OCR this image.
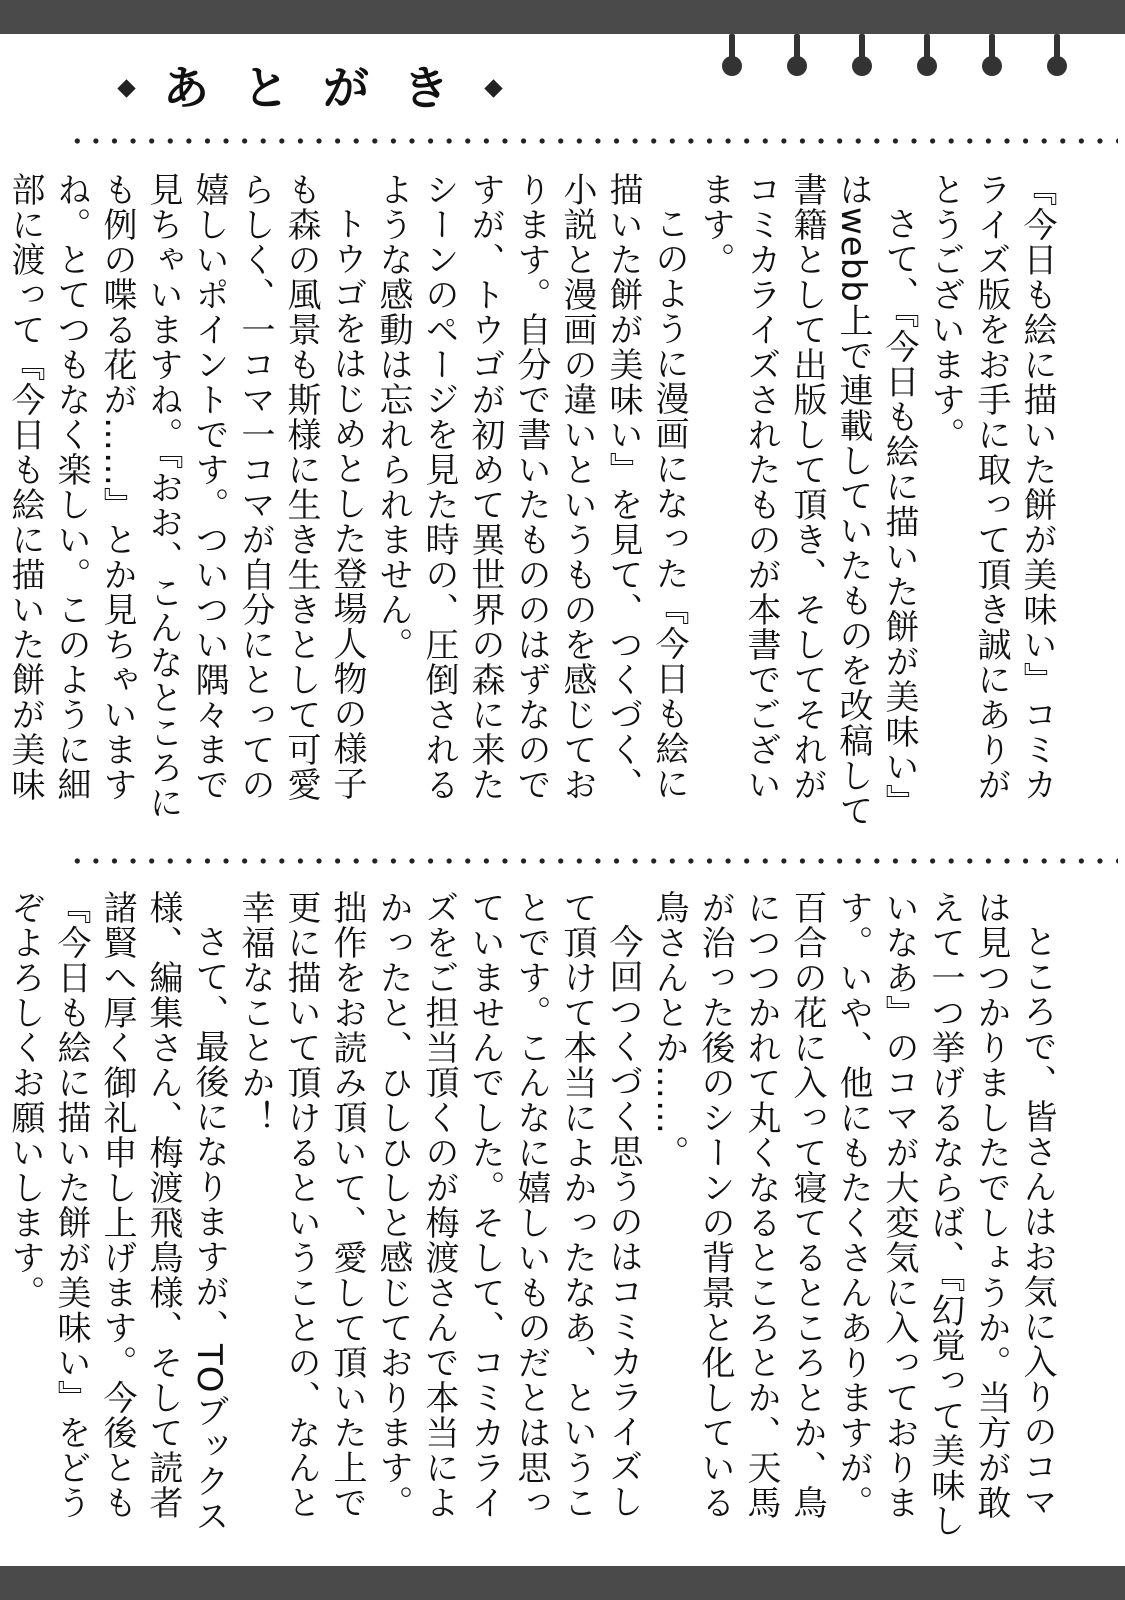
あとがき

『今日も絵に描いた餅が美味い』コミカライズ版をお手に取って頂き誠にありがとうございます。

さて、『今日も絵に描いた餅が美味い』はwebb上で連載していたものを改稿して書籍として出版して頂き、そしてそれがコミカライズされたものが本書でございます。

このように漫画になった『今日も絵に描いた餅が美味い』を見て、つくづく、小説と漫画の違いというものを感じております。自分で書いたもののはずなのですが、トウゴが初めて異世界の森に来たシーンのページを見た時の、圧倒されるような感動は忘れられません。

トウゴをはじめとした登場人物の様子も森の風景も斯様に生き生きとして可愛らしく、一コマ一コマが自分にとっての嬉しいポイントです。ついつい隅々まで見ちゃいますね。『おお、こんなところにも例の喋る花が……』とか見ちゃいますね。とてつもなく楽しい。このように細部に渡って『今日も絵に描いた餅が美味

ところで、皆さんはお気に入りのコマは見つかりましたでしょうか。当方が敢えて一つ挙げるならば、『幻覚って美味しいなあ』のコマが大変気に入っております。いや、他にもたくさんありますが。百合の花に入って寝てるところとか、鳥につつかれて丸くなるところとか、天馬が治った後のシーンの背景と化している鳥さんとか……。

今回つくづく思うのはコミカライズして頂けて本当によかったなあ、ということです。こんなに嬉しいものだとは思っていませんでした。そして、コミカライズをご担当頂くのが梅渡さんで本当によかったと、ひしひしと感じております。拙作をお読み頂いて、愛して頂いた上で更に描いて頂けるということの、なんと幸福なことか！

さて、最後になりますが、TOブックス様、編集さん、梅渡飛鳥様、そして読者諸賢へ厚く御礼申し上げます。今後とも『今日も絵に描いた餅が美味い』をどうぞよろしくお願いします。
